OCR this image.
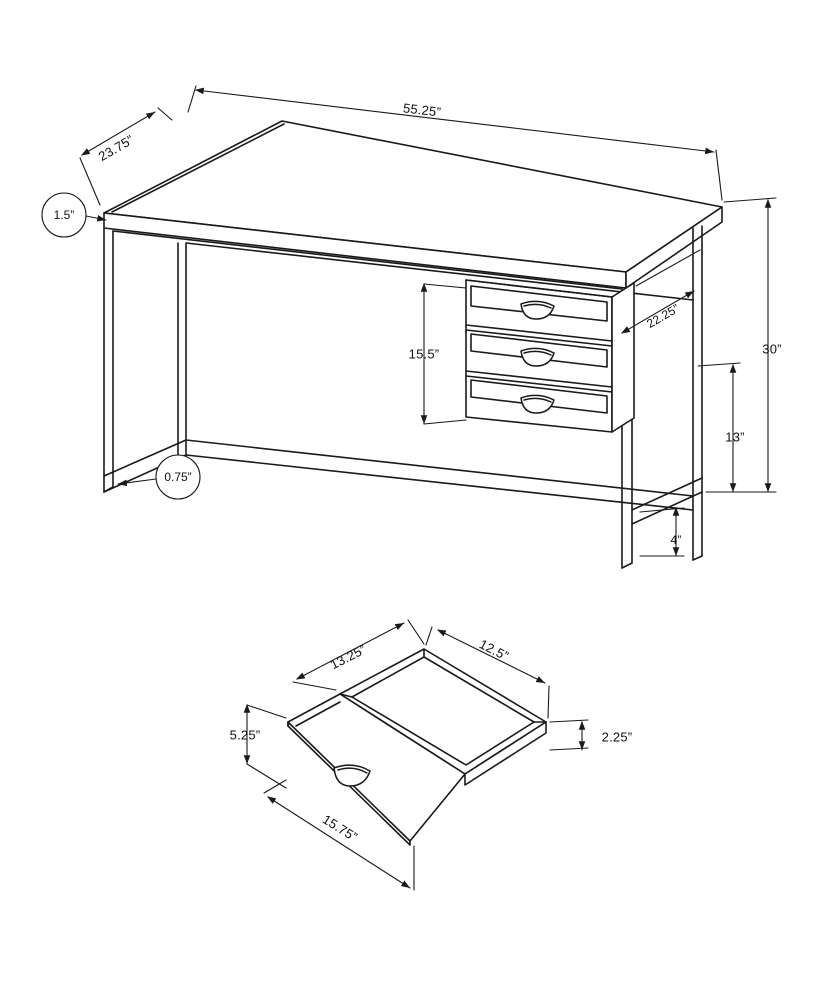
55.25”
23.75”
1.5”
0.75”
30”
13”
4”
15.5”
22.25”
13.25”	12.5”
5.25”	2.25”
15.75”
